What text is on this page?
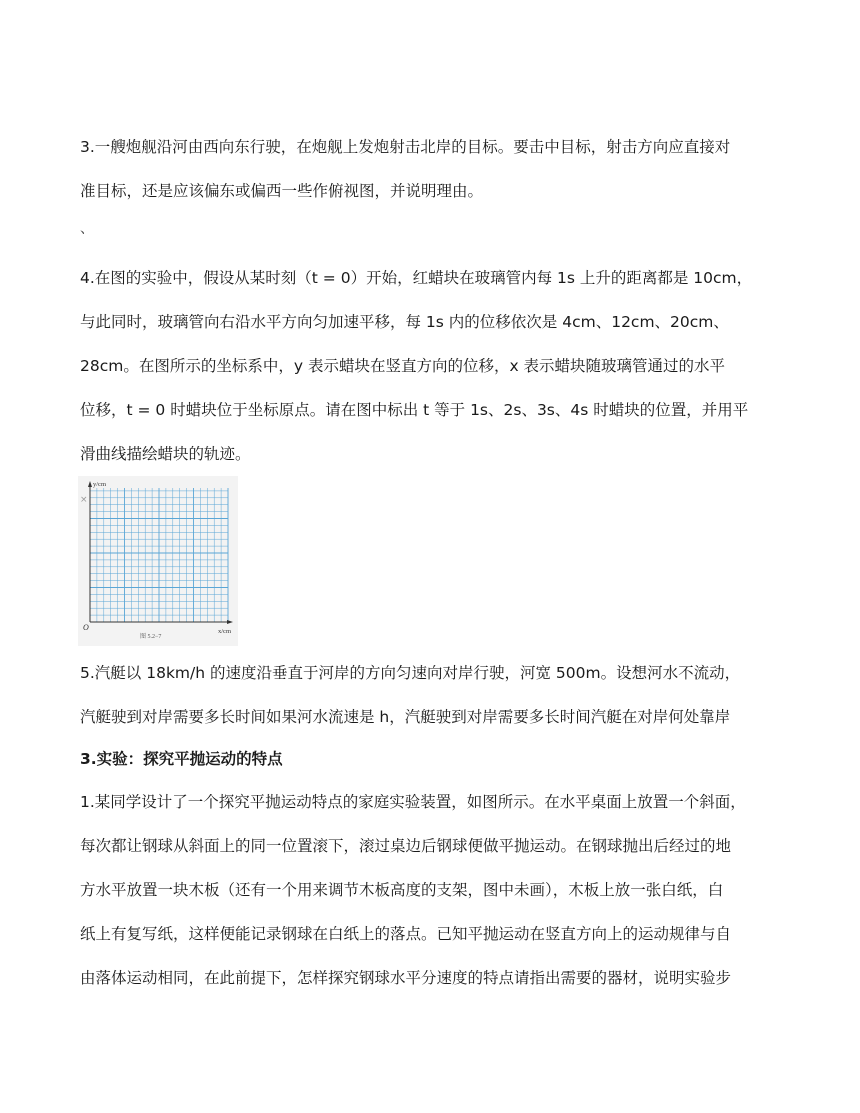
3.一艘炮舰沿河由西向东行驶，在炮舰上发炮射击北岸的目标。要击中目标，射击方向应直接对
准目标，还是应该偏东或偏西一些作俯视图，并说明理由。
、
4.在图的实验中，假设从某时刻（t = 0）开始，红蜡块在玻璃管内每 1s 上升的距离都是 10cm，
与此同时，玻璃管向右沿水平方向匀加速平移，每 1s 内的位移依次是 4cm、12cm、20cm、
28cm。在图所示的坐标系中，y 表示蜡块在竖直方向的位移，x 表示蜡块随玻璃管通过的水平
位移，t = 0 时蜡块位于坐标原点。请在图中标出 t 等于 1s、2s、3s、4s 时蜡块的位置，并用平
滑曲线描绘蜡块的轨迹。
y/cm
x/cm
O
图 5.2−7
×
5.汽艇以 18km/h 的速度沿垂直于河岸的方向匀速向对岸行驶，河宽 500m。设想河水不流动，
汽艇驶到对岸需要多长时间如果河水流速是 h，汽艇驶到对岸需要多长时间汽艇在对岸何处靠岸
3.实验：探究平抛运动的特点
1.某同学设计了一个探究平抛运动特点的家庭实验装置，如图所示。在水平桌面上放置一个斜面，
每次都让钢球从斜面上的同一位置滚下，滚过桌边后钢球便做平抛运动。在钢球抛出后经过的地
方水平放置一块木板（还有一个用来调节木板高度的支架，图中未画），木板上放一张白纸，白
纸上有复写纸，这样便能记录钢球在白纸上的落点。已知平抛运动在竖直方向上的运动规律与自
由落体运动相同，在此前提下，怎样探究钢球水平分速度的特点请指出需要的器材，说明实验步
